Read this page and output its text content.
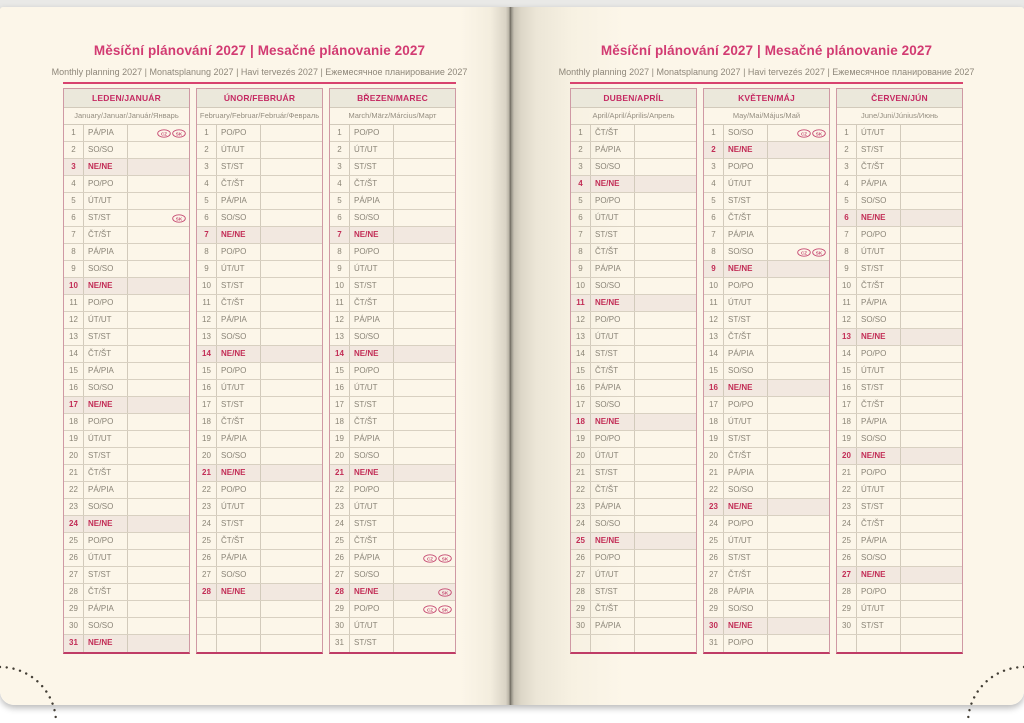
Měsíční plánování 2027 | Mesačné plánovanie 2027
Monthly planning 2027 | Monatsplanung 2027 | Havi tervezés 2027 | Ежемесячное планирование 2027
LEDEN/JANUÁR
January/Januar/Január/Январь
1	PÁ/PIA	CZ SK
2	SO/SO
3	NE/NE
4	PO/PO
5	ÚT/UT
6	ST/ST	SK
7	ČT/ŠT
8	PÁ/PIA
9	SO/SO
10	NE/NE
11	PO/PO
12	ÚT/UT
13	ST/ST
14	ČT/ŠT
15	PÁ/PIA
16	SO/SO
17	NE/NE
18	PO/PO
19	ÚT/UT
20	ST/ST
21	ČT/ŠT
22	PÁ/PIA
23	SO/SO
24	NE/NE
25	PO/PO
26	ÚT/UT
27	ST/ST
28	ČT/ŠT
29	PÁ/PIA
30	SO/SO
31	NE/NE
ÚNOR/FEBRUÁR
February/Februar/Február/Февраль
1	PO/PO
2	ÚT/UT
3	ST/ST
4	ČT/ŠT
5	PÁ/PIA
6	SO/SO
7	NE/NE
8	PO/PO
9	ÚT/UT
10	ST/ST
11	ČT/ŠT
12	PÁ/PIA
13	SO/SO
14	NE/NE
15	PO/PO
16	ÚT/UT
17	ST/ST
18	ČT/ŠT
19	PÁ/PIA
20	SO/SO
21	NE/NE
22	PO/PO
23	ÚT/UT
24	ST/ST
25	ČT/ŠT
26	PÁ/PIA
27	SO/SO
28	NE/NE
BŘEZEN/MAREC
March/März/Március/Март
1	PO/PO
2	ÚT/UT
3	ST/ST
4	ČT/ŠT
5	PÁ/PIA
6	SO/SO
7	NE/NE
8	PO/PO
9	ÚT/UT
10	ST/ST
11	ČT/ŠT
12	PÁ/PIA
13	SO/SO
14	NE/NE
15	PO/PO
16	ÚT/UT
17	ST/ST
18	ČT/ŠT
19	PÁ/PIA
20	SO/SO
21	NE/NE
22	PO/PO
23	ÚT/UT
24	ST/ST
25	ČT/ŠT
26	PÁ/PIA	CZ SK
27	SO/SO
28	NE/NE	SK
29	PO/PO	CZ SK
30	ÚT/UT
31	ST/ST
Měsíční plánování 2027 | Mesačné plánovanie 2027
Monthly planning 2027 | Monatsplanung 2027 | Havi tervezés 2027 | Ежемесячное планирование 2027
DUBEN/APRÍL
April/April/Április/Апрель
1	ČT/ŠT
2	PÁ/PIA
3	SO/SO
4	NE/NE
5	PO/PO
6	ÚT/UT
7	ST/ST
8	ČT/ŠT
9	PÁ/PIA
10	SO/SO
11	NE/NE
12	PO/PO
13	ÚT/UT
14	ST/ST
15	ČT/ŠT
16	PÁ/PIA
17	SO/SO
18	NE/NE
19	PO/PO
20	ÚT/UT
21	ST/ST
22	ČT/ŠT
23	PÁ/PIA
24	SO/SO
25	NE/NE
26	PO/PO
27	ÚT/UT
28	ST/ST
29	ČT/ŠT
30	PÁ/PIA
KVĚTEN/MÁJ
May/Mai/Május/Май
1	SO/SO	CZ SK
2	NE/NE
3	PO/PO
4	ÚT/UT
5	ST/ST
6	ČT/ŠT
7	PÁ/PIA
8	SO/SO	CZ SK
9	NE/NE
10	PO/PO
11	ÚT/UT
12	ST/ST
13	ČT/ŠT
14	PÁ/PIA
15	SO/SO
16	NE/NE
17	PO/PO
18	ÚT/UT
19	ST/ST
20	ČT/ŠT
21	PÁ/PIA
22	SO/SO
23	NE/NE
24	PO/PO
25	ÚT/UT
26	ST/ST
27	ČT/ŠT
28	PÁ/PIA
29	SO/SO
30	NE/NE
31	PO/PO
ČERVEN/JÚN
June/Juni/Június/Июнь
1	ÚT/UT
2	ST/ST
3	ČT/ŠT
4	PÁ/PIA
5	SO/SO
6	NE/NE
7	PO/PO
8	ÚT/UT
9	ST/ST
10	ČT/ŠT
11	PÁ/PIA
12	SO/SO
13	NE/NE
14	PO/PO
15	ÚT/UT
16	ST/ST
17	ČT/ŠT
18	PÁ/PIA
19	SO/SO
20	NE/NE
21	PO/PO
22	ÚT/UT
23	ST/ST
24	ČT/ŠT
25	PÁ/PIA
26	SO/SO
27	NE/NE
28	PO/PO
29	ÚT/UT
30	ST/ST
